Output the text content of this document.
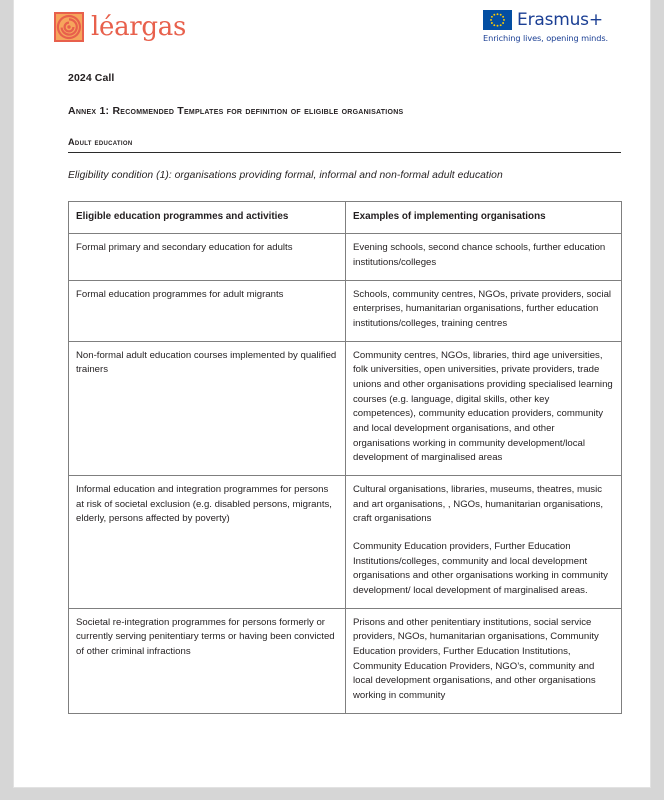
léargas	Erasmus+
Enriching lives, opening minds.

2024 Call

Annex 1: Recommended Templates for definition of eligible organisations

Adult education

Eligibility condition (1): organisations providing formal, informal and non-formal adult education

Eligible education programmes and activities	Examples of implementing organisations
Formal primary and secondary education for adults	Evening schools, second chance schools, further education institutions/colleges

Formal education programmes for adult migrants	Schools, community centres, NGOs, private providers, social enterprises, humanitarian organisations, further education institutions/colleges, training centres

Non-formal adult education courses implemented by qualified trainers	Community centres, NGOs, libraries, third age universities, folk universities, open universities, private providers, trade unions and other organisations providing specialised learning courses (e.g. language, digital skills, other key competences), community education providers, community and local development organisations, and other organisations working in community development/local development of marginalised areas

Informal education and integration programmes for persons at risk of societal exclusion (e.g. disabled persons, migrants, elderly, persons affected by poverty)	Cultural organisations, libraries, museums, theatres, music and art organisations, , NGOs, humanitarian organisations, craft organisations

Community Education providers, Further Education Institutions/colleges, community and local development organisations and other organisations working in community development/ local development of marginalised areas.

Societal re-integration programmes for persons formerly or currently serving penitentiary terms or having been convicted of other criminal infractions	Prisons and other penitentiary institutions, social service providers, NGOs, humanitarian organisations, Community Education providers, Further Education Institutions, Community Education Providers, NGO’s, community and local development organisations, and other organisations working in community
